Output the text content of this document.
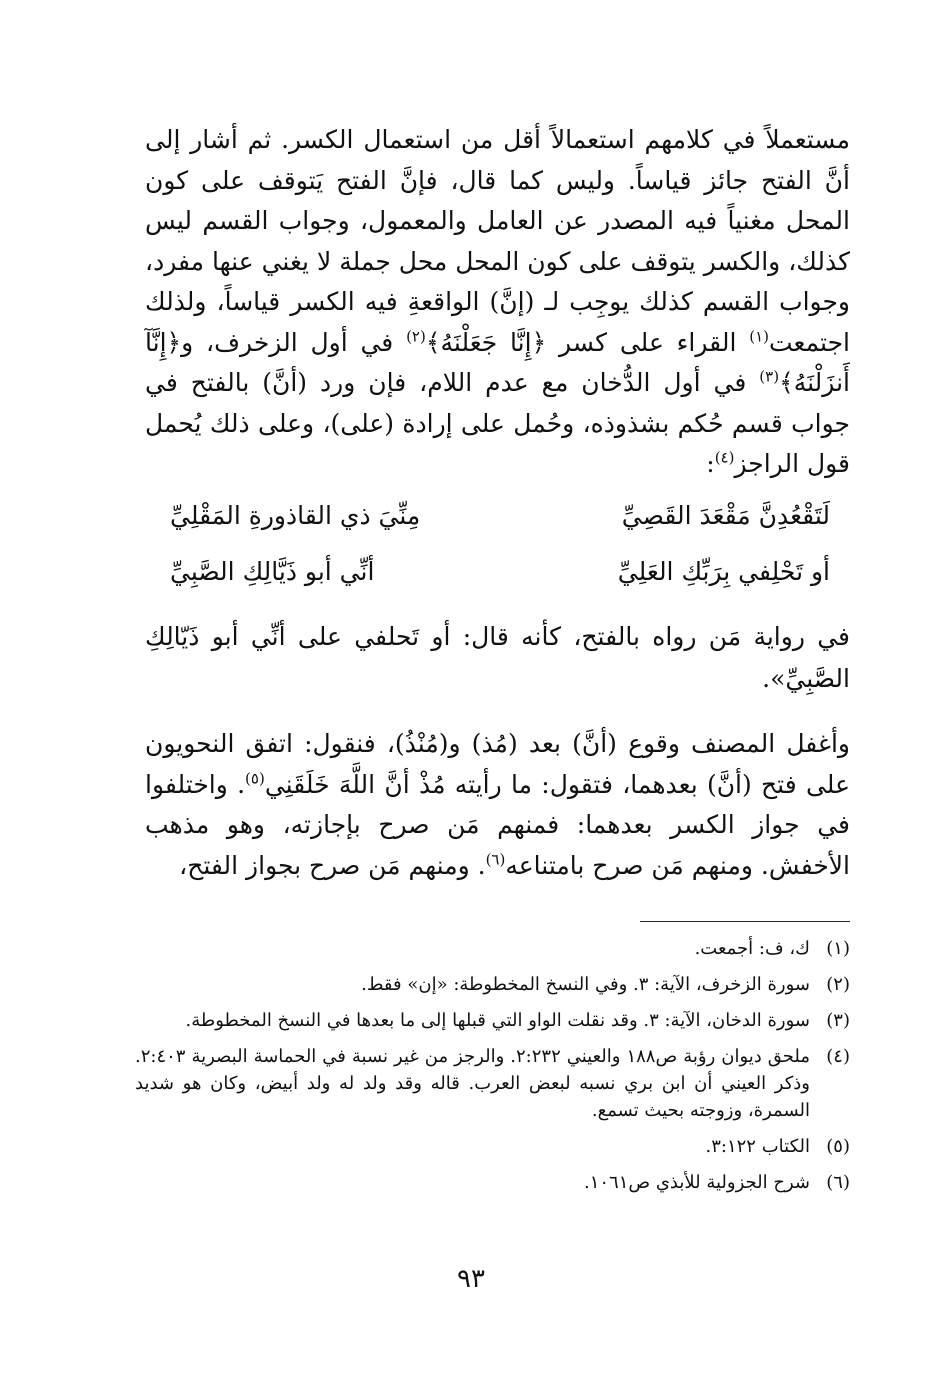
مستعملاً في كلامهم استعمالاً أقل من استعمال الكسر. ثم أشار إلى أنَّ الفتح جائز قياساً. وليس كما قال، فإنَّ الفتح يَتوقف على كون المحل مغنياً فيه المصدر عن العامل والمعمول، وجواب القسم ليس كذلك، والكسر يتوقف على كون المحل محل جملة لا يغني عنها مفرد، وجواب القسم كذلك يوجِب لـ (إنَّ) الواقعةِ فيه الكسر قياساً، ولذلك اجتمعت$^{(١)}$ القراء على كسر ﴿إِنَّا جَعَلْنَهُ﴾$^{(٢)}$ في أول الزخرف، و﴿إِنَّآ أَنزَلْنَهُ﴾$^{(٣)}$ في أول الدُّخان مع عدم اللام، فإن ورد (أنَّ) بالفتح في جواب قسم حُكم بشذوذه، وحُمل على إرادة (على)، وعلى ذلك يُحمل قول الراجز$^{(٤)}$:

لَتَقْعُدِنَّ مَقْعَدَ القَصِيِّ
مِنِّيَ ذي القاذورةِ المَقْلِيِّ
أو تَحْلِفي بِرَبِّكِ العَلِيِّ
أنِّي أبو ذَيَّالِكِ الصَّبِيِّ

في رواية مَن رواه بالفتح، كأنه قال: أو تَحلفي على أنِّي أبو ذَيّالِكِ الصَّبِيِّ».

وأغفل المصنف وقوع (أنَّ) بعد (مُذ) و(مُنْذُ)، فنقول: اتفق النحويون على فتح (أنَّ) بعدهما، فتقول: ما رأيته مُذْ أنَّ اللَّهَ خَلَقَنِي$^{(٥)}$. واختلفوا في جواز الكسر بعدهما: فمنهم مَن صرح بإجازته، وهو مذهب الأخفش. ومنهم مَن صرح بامتناعه$^{(٦)}$. ومنهم مَن صرح بجواز الفتح،

(١)
ك، ف: أجمعت.
(٢)
سورة الزخرف، الآية: ٣. وفي النسخ المخطوطة: «إن» فقط.
(٣)
سورة الدخان، الآية: ٣. وقد نقلت الواو التي قبلها إلى ما بعدها في النسخ المخطوطة.
(٤)
ملحق ديوان رؤبة ص١٨٨ والعيني ٢:٢٣٢. والرجز من غير نسبة في الحماسة البصرية ٢:٤٠٣. وذكر العيني أن ابن بري نسبه لبعض العرب. قاله وقد ولد له ولد أبيض، وكان هو شديد السمرة، وزوجته بحيث تسمع.
(٥)
الكتاب ٣:١٢٢.
(٦)
شرح الجزولية للأبذي ص١٠٦١.
٩٣
